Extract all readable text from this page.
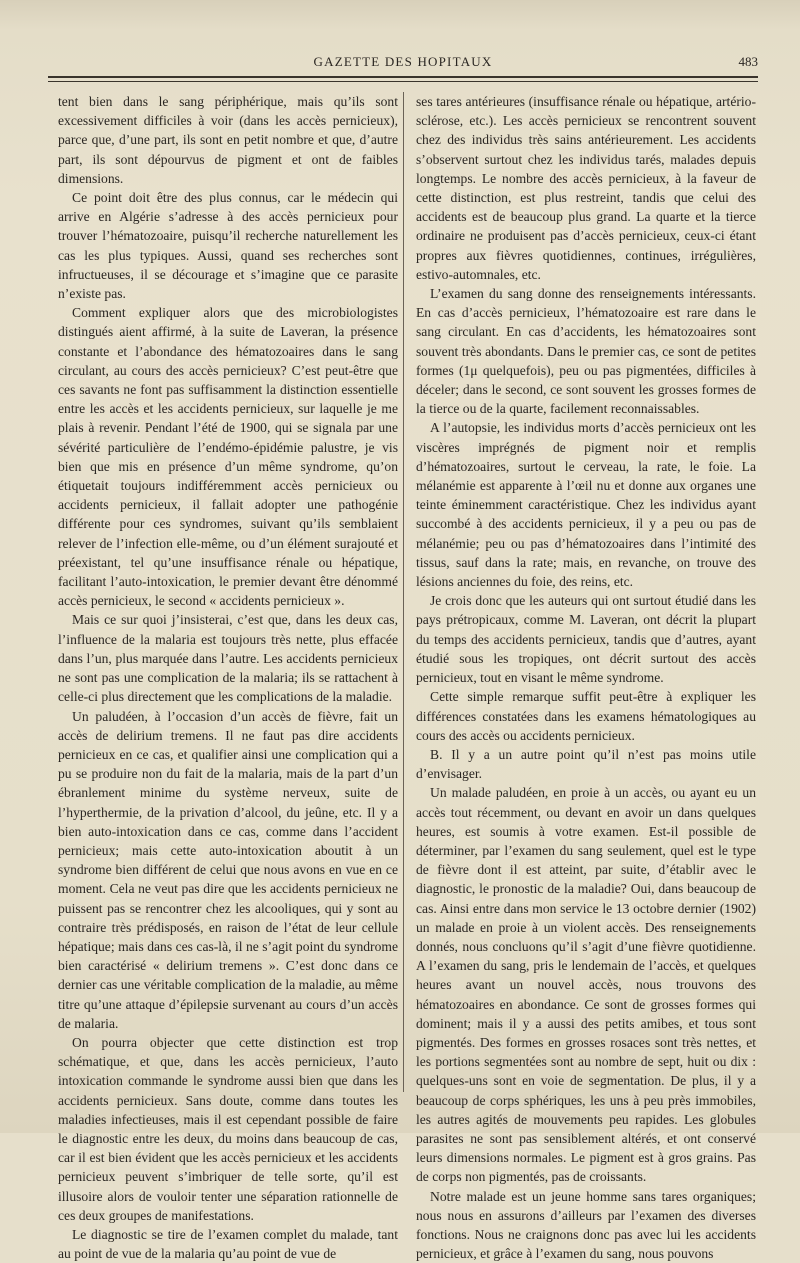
GAZETTE DES HOPITAUX	483

tent bien dans le sang périphérique, mais qu’ils sont excessivement difficiles à voir (dans les accès pernicieux), parce que, d’une part, ils sont en petit nombre et que, d’autre part, ils sont dépourvus de pigment et ont de faibles dimensions.

Ce point doit être des plus connus, car le médecin qui arrive en Algérie s’adresse à des accès pernicieux pour trouver l’hématozoaire, puisqu’il recherche naturellement les cas les plus typiques. Aussi, quand ses recherches sont infructueuses, il se décourage et s’imagine que ce parasite n’existe pas.

Comment expliquer alors que des microbiologistes distingués aient affirmé, à la suite de Laveran, la présence constante et l’abondance des hématozoaires dans le sang circulant, au cours des accès pernicieux? C’est peut-être que ces savants ne font pas suffisamment la distinction essentielle entre les accès et les accidents pernicieux, sur laquelle je me plais à revenir. Pendant l’été de 1900, qui se signala par une sévérité particulière de l’endémo-épidémie palustre, je vis bien que mis en présence d’un même syndrome, qu’on étiquetait toujours indifféremment accès pernicieux ou accidents pernicieux, il fallait adopter une pathogénie différente pour ces syndromes, suivant qu’ils semblaient relever de l’infection elle-même, ou d’un élément surajouté et préexistant, tel qu’une insuffisance rénale ou hépatique, facilitant l’auto-intoxication, le premier devant être dénommé accès pernicieux, le second « accidents pernicieux ».

Mais ce sur quoi j’insisterai, c’est que, dans les deux cas, l’influence de la malaria est toujours très nette, plus effacée dans l’un, plus marquée dans l’autre. Les accidents pernicieux ne sont pas une complication de la malaria; ils se rattachent à celle-ci plus directement que les complications de la maladie.

Un paludéen, à l’occasion d’un accès de fièvre, fait un accès de delirium tremens. Il ne faut pas dire accidents pernicieux en ce cas, et qualifier ainsi une complication qui a pu se produire non du fait de la malaria, mais de la part d’un ébranlement minime du système nerveux, suite de l’hyperthermie, de la privation d’alcool, du jeûne, etc. Il y a bien auto-intoxication dans ce cas, comme dans l’accident pernicieux; mais cette auto-intoxication aboutit à un syndrome bien différent de celui que nous avons en vue en ce moment. Cela ne veut pas dire que les accidents pernicieux ne puissent pas se rencontrer chez les alcooliques, qui y sont au contraire très prédisposés, en raison de l’état de leur cellule hépatique; mais dans ces cas-là, il ne s’agit point du syndrome bien caractérisé « delirium tremens ». C’est donc dans ce dernier cas une véritable complication de la maladie, au même titre qu’une attaque d’épilepsie survenant au cours d’un accès de malaria.

On pourra objecter que cette distinction est trop schématique, et que, dans les accès pernicieux, l’auto intoxication commande le syndrome aussi bien que dans les accidents pernicieux. Sans doute, comme dans toutes les maladies infectieuses, mais il est cependant possible de faire le diagnostic entre les deux, du moins dans beaucoup de cas, car il est bien évident que les accès pernicieux et les accidents pernicieux peuvent s’imbriquer de telle sorte, qu’il est illusoire alors de vouloir tenter une séparation rationnelle de ces deux groupes de manifestations.

Le diagnostic se tire de l’examen complet du malade, tant au point de vue de la malaria qu’au point de vue de

ses tares antérieures (insuffisance rénale ou hépatique, artério-sclérose, etc.). Les accès pernicieux se rencontrent souvent chez des individus très sains antérieurement. Les accidents s’observent surtout chez les individus tarés, malades depuis longtemps. Le nombre des accès pernicieux, à la faveur de cette distinction, est plus restreint, tandis que celui des accidents est de beaucoup plus grand. La quarte et la tierce ordinaire ne produisent pas d’accès pernicieux, ceux-ci étant propres aux fièvres quotidiennes, continues, irrégulières, estivo-automnales, etc.

L’examen du sang donne des renseignements intéressants. En cas d’accès pernicieux, l’hématozoaire est rare dans le sang circulant. En cas d’accidents, les hématozoaires sont souvent très abondants. Dans le premier cas, ce sont de petites formes (1μ quelquefois), peu ou pas pigmentées, difficiles à déceler; dans le second, ce sont souvent les grosses formes de la tierce ou de la quarte, facilement reconnaissables.

A l’autopsie, les individus morts d’accès pernicieux ont les viscères imprégnés de pigment noir et remplis d’hématozoaires, surtout le cerveau, la rate, le foie. La mélanémie est apparente à l’œil nu et donne aux organes une teinte éminemment caractéristique. Chez les individus ayant succombé à des accidents pernicieux, il y a peu ou pas de mélanémie; peu ou pas d’hématozoaires dans l’intimité des tissus, sauf dans la rate; mais, en revanche, on trouve des lésions anciennes du foie, des reins, etc.

Je crois donc que les auteurs qui ont surtout étudié dans les pays prétropicaux, comme M. Laveran, ont décrit la plupart du temps des accidents pernicieux, tandis que d’autres, ayant étudié sous les tropiques, ont décrit surtout des accès pernicieux, tout en visant le même syndrome.

Cette simple remarque suffit peut-être à expliquer les différences constatées dans les examens hématologiques au cours des accès ou accidents pernicieux.

B. Il y a un autre point qu’il n’est pas moins utile d’envisager.

Un malade paludéen, en proie à un accès, ou ayant eu un accès tout récemment, ou devant en avoir un dans quelques heures, est soumis à votre examen. Est-il possible de déterminer, par l’examen du sang seulement, quel est le type de fièvre dont il est atteint, par suite, d’établir avec le diagnostic, le pronostic de la maladie? Oui, dans beaucoup de cas. Ainsi entre dans mon service le 13 octobre dernier (1902) un malade en proie à un violent accès. Des renseignements donnés, nous concluons qu’il s’agit d’une fièvre quotidienne. A l’examen du sang, pris le lendemain de l’accès, et quelques heures avant un nouvel accès, nous trouvons des hématozoaires en abondance. Ce sont de grosses formes qui dominent; mais il y a aussi des petits amibes, et tous sont pigmentés. Des formes en grosses rosaces sont très nettes, et les portions segmentées sont au nombre de sept, huit ou dix : quelques-uns sont en voie de segmentation. De plus, il y a beaucoup de corps sphériques, les uns à peu près immobiles, les autres agités de mouvements peu rapides. Les globules parasites ne sont pas sensiblement altérés, et ont conservé leurs dimensions normales. Le pigment est à gros grains. Pas de corps non pigmentés, pas de croissants.

Notre malade est un jeune homme sans tares organiques; nous nous en assurons d’ailleurs par l’examen des diverses fonctions. Nous ne craignons donc pas avec lui les accidents pernicieux, et grâce à l’examen du sang, nous pouvons
